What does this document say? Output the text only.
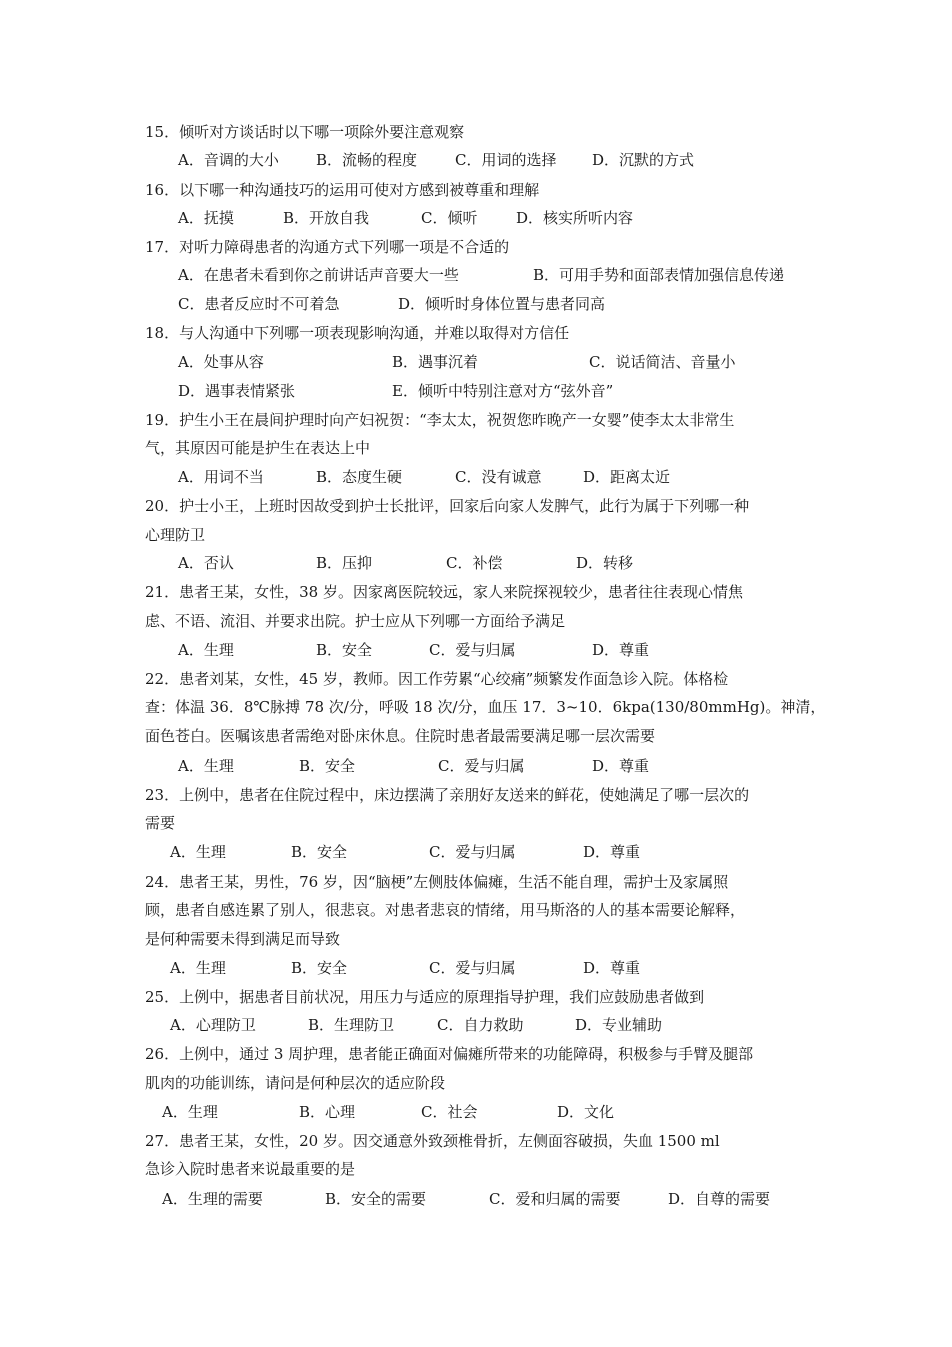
15．倾听对方谈话时以下哪一项除外要注意观察
A．音调的大小 B．流畅的程度	C．用词的选择 D．沉默的方式
16．以下哪一种沟通技巧的运用可使对方感到被尊重和理解
A．抚摸	B．开放自我	C．倾听	D．核实所听内容
17．对听力障碍患者的沟通方式下列哪一项是不合适的
A．在患者未看到你之前讲话声音要大一些	B．可用手势和面部表情加强信息传递
C．患者反应时不可着急	D．倾听时身体位置与患者同高
18．与人沟通中下列哪一项表现影响沟通，并难以取得对方信任
A．处事从容	B．遇事沉着	C．说话简洁、音量小
D．遇事表情紧张	E．倾听中特别注意对方“弦外音”
19．护生小王在晨间护理时向产妇祝贺：“李太太，祝贺您昨晚产一女婴”使李太太非常生
气，其原因可能是护生在表达上中
A．用词不当	B．态度生硬	C．没有诚意	D．距离太近
20．护士小王，上班时因故受到护士长批评，回家后向家人发脾气，此行为属于下列哪一种
心理防卫
A．否认	B．压抑	C．补偿	D．转移
21．患者王某，女性，38 岁。因家离医院较远，家人来院探视较少，患者往往表现心情焦
虑、不语、流泪、并要求出院。护士应从下列哪一方面给予满足
A．生理	B．安全	C．爱与归属	D．尊重
22．患者刘某，女性，45 岁，教师。因工作劳累“心绞痛”频繁发作面急诊入院。体格检
查：体温 36．8℃脉搏 78 次/分，呼吸 18 次/分，血压 17．3~10．6kpa(130/80mmHg)。神清，
面色苍白。医嘱该患者需绝对卧床休息。住院时患者最需要满足哪一层次需要
A．生理	B．安全	C．爱与归属	D．尊重
23．上例中，患者在住院过程中，床边摆满了亲朋好友送来的鲜花，使她满足了哪一层次的
需要
A．生理	B．安全	C．爱与归属	D．尊重
24．患者王某，男性，76 岁，因“脑梗”左侧肢体偏瘫，生活不能自理，需护士及家属照
顾，患者自感连累了别人，很悲哀。对患者悲哀的情绪，用马斯洛的人的基本需要论解释，
是何种需要未得到满足而导致
A．生理	B．安全	C．爱与归属	D．尊重
25．上例中，据患者目前状况，用压力与适应的原理指导护理，我们应鼓励患者做到
A．心理防卫	B．生理防卫	C．自力救助	D．专业辅助
26．上例中，通过 3 周护理，患者能正确面对偏瘫所带来的功能障碍，积极参与手臂及腿部
肌肉的功能训练，请问是何种层次的适应阶段
A．生理	B．心理	C．社会	D．文化
27．患者王某，女性，20 岁。因交通意外致颈椎骨折，左侧面容破损，失血 1500 ml
急诊入院时患者来说最重要的是
A．生理的需要	B．安全的需要	C．爱和归属的需要	D．自尊的需要
